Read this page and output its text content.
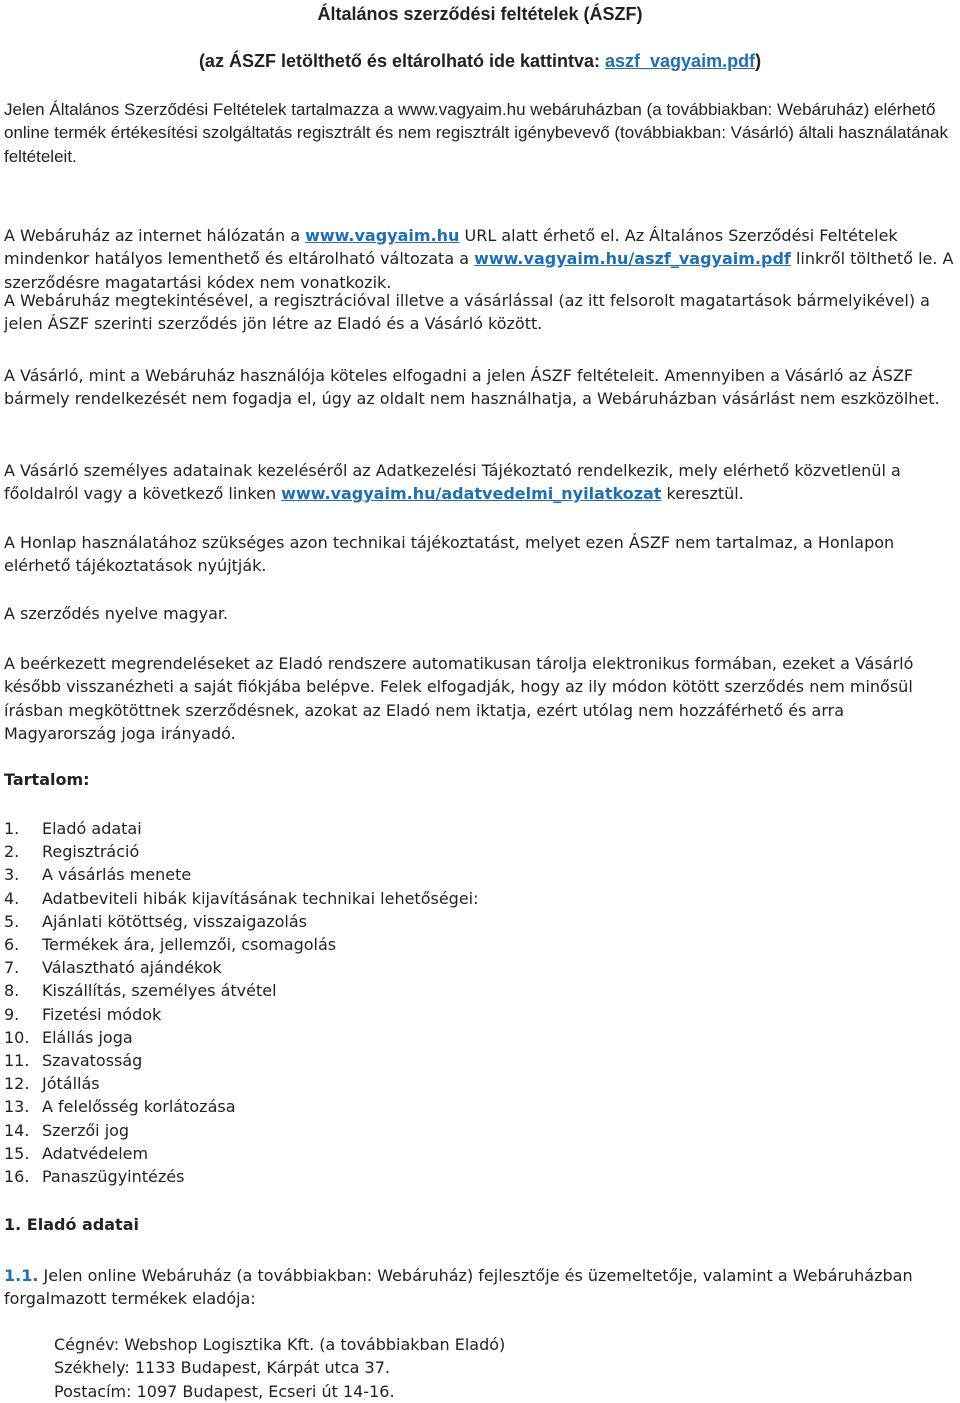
Általános szerződési feltételek (ÁSZF)
(az ÁSZF letölthető és eltárolható ide kattintva: aszf_vagyaim.pdf)

Jelen Általános Szerződési Feltételek tartalmazza a www.vagyaim.hu webáruházban (a továbbiakban: Webáruház) elérhető online termék értékesítési szolgáltatás regisztrált és nem regisztrált igénybevevő (továbbiakban: Vásárló) általi használatának feltételeit.

A Webáruház az internet hálózatán a www.vagyaim.hu URL alatt érhető el. Az Általános Szerződési Feltételek mindenkor hatályos lementhető és eltárolható változata a www.vagyaim.hu/aszf_vagyaim.pdf linkről tölthető le. A szerződésre magatartási kódex nem vonatkozik.

A Webáruház megtekintésével, a regisztrációval illetve a vásárlással (az itt felsorolt magatartások bármelyikével) a jelen ÁSZF szerinti szerződés jön létre az Eladó és a Vásárló között.

A Vásárló, mint a Webáruház használója köteles elfogadni a jelen ÁSZF feltételeit. Amennyiben a Vásárló az ÁSZF bármely rendelkezését nem fogadja el, úgy az oldalt nem használhatja, a Webáruházban vásárlást nem eszközölhet.

A Vásárló személyes adatainak kezeléséről az Adatkezelési Tájékoztató rendelkezik, mely elérhető közvetlenül a főoldalról vagy a következő linken www.vagyaim.hu/adatvedelmi_nyilatkozat keresztül.

A Honlap használatához szükséges azon technikai tájékoztatást, melyet ezen ÁSZF nem tartalmaz, a Honlapon elérhető tájékoztatások nyújtják.

A szerződés nyelve magyar.

A beérkezett megrendeléseket az Eladó rendszere automatikusan tárolja elektronikus formában, ezeket a Vásárló később visszanézheti a saját fiókjába belépve. Felek elfogadják, hogy az ily módon kötött szerződés nem minősül írásban megkötöttnek szerződésnek, azokat az Eladó nem iktatja, ezért utólag nem hozzáférhető és arra Magyarország joga irányadó.

Tartalom:
1.	Eladó adatai
2.	Regisztráció
3.	A vásárlás menete
4.	Adatbeviteli hibák kijavításának technikai lehetőségei:
5.	Ajánlati kötöttség, visszaigazolás
6.	Termékek ára, jellemzői, csomagolás
7.	Választható ajándékok
8.	Kiszállítás, személyes átvétel
9.	Fizetési módok
10. Elállás joga
11. Szavatosság
12. Jótállás
13. A felelősség korlátozása
14. Szerzői jog
15. Adatvédelem
16. Panaszügyintézés
1. Eladó adatai

1.1. Jelen online Webáruház (a továbbiakban: Webáruház) fejlesztője és üzemeltetője, valamint a Webáruházban forgalmazott termékek eladója:

Cégnév: Webshop Logisztika Kft. (a továbbiakban Eladó)
Székhely: 1133 Budapest, Kárpát utca 37.
Postacím: 1097 Budapest, Ecseri út 14-16.
